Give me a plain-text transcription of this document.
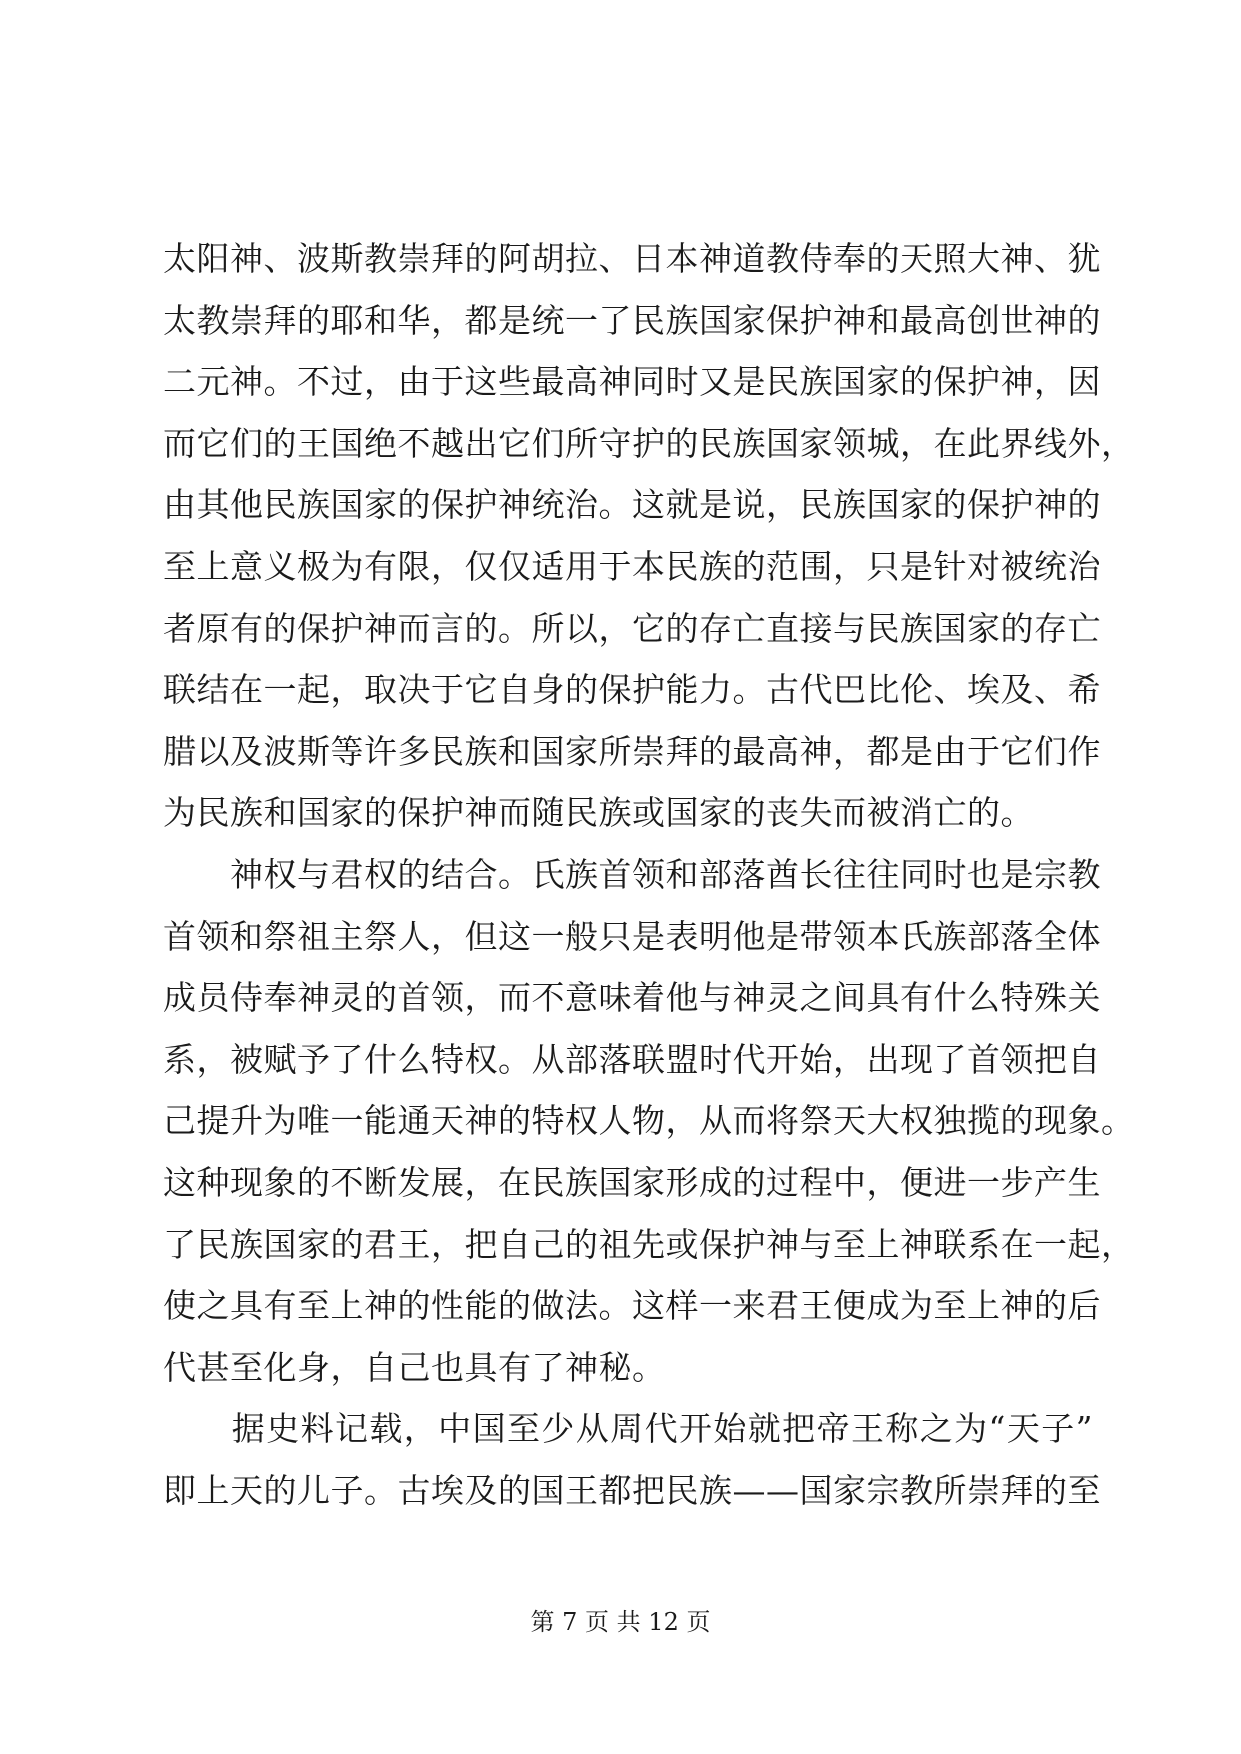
太阳神、波斯教崇拜的阿胡拉、日本神道教侍奉的天照大神、犹
太教崇拜的耶和华，都是统一了民族国家保护神和最高创世神的
二元神。不过，由于这些最高神同时又是民族国家的保护神，因
而它们的王国绝不越出它们所守护的民族国家领城，在此界线外，
由其他民族国家的保护神统治。这就是说，民族国家的保护神的
至上意义极为有限，仅仅适用于本民族的范围，只是针对被统治
者原有的保护神而言的。所以，它的存亡直接与民族国家的存亡
联结在一起，取决于它自身的保护能力。古代巴比伦、埃及、希
腊以及波斯等许多民族和国家所崇拜的最高神，都是由于它们作
为民族和国家的保护神而随民族或国家的丧失而被消亡的。
　　神权与君权的结合。氏族首领和部落酋长往往同时也是宗教
首领和祭祖主祭人，但这一般只是表明他是带领本氏族部落全体
成员侍奉神灵的首领，而不意味着他与神灵之间具有什么特殊关
系，被赋予了什么特权。从部落联盟时代开始，出现了首领把自
己提升为唯一能通天神的特权人物，从而将祭天大权独揽的现象。
这种现象的不断发展，在民族国家形成的过程中，便进一步产生
了民族国家的君王，把自己的祖先或保护神与至上神联系在一起，
使之具有至上神的性能的做法。这样一来君王便成为至上神的后
代甚至化身，自己也具有了神秘。
　　据史料记载，中国至少从周代开始就把帝王称之为“天子”
即上天的儿子。古埃及的国王都把民族——国家宗教所崇拜的至
第 7 页 共 12 页
